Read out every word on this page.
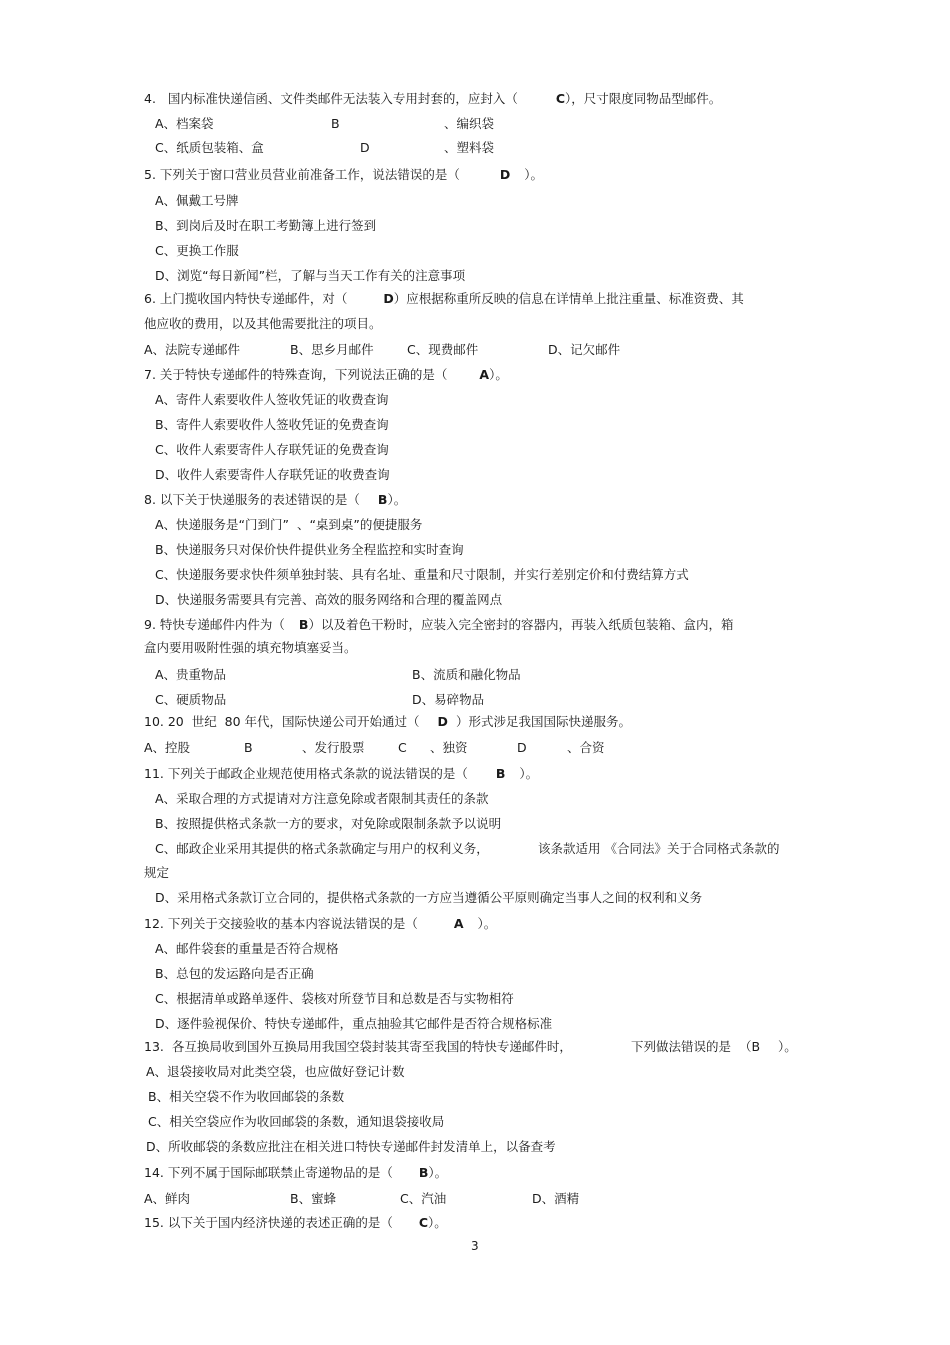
4.   国内标准快递信函、文件类邮件无法装入专用封套的，应封入（	C），尺寸限度同物品型邮件。
A、档案袋	B	、编织袋
C、纸质包装箱、盒	D	、塑料袋
5. 下列关于窗口营业员营业前准备工作，说法错误的是（	D ）。
A、佩戴工号牌
B、到岗后及时在职工考勤簿上进行签到
C、更换工作服
D、浏览“每日新闻”栏，了解与当天工作有关的注意事项
6. 上门揽收国内特快专递邮件，对（	D）应根据称重所反映的信息在详情单上批注重量、标准资费、其
他应收的费用，以及其他需要批注的项目。
A、法院专递邮件	B、思乡月邮件	C、现费邮件	D、记欠邮件
7. 关于特快专递邮件的特殊查询，下列说法正确的是（	A）。
A、寄件人索要收件人签收凭证的收费查询
B、寄件人索要收件人签收凭证的免费查询
C、收件人索要寄件人存联凭证的免费查询
D、收件人索要寄件人存联凭证的收费查询
8. 以下关于快递服务的表述错误的是（ B）。
A、快递服务是“门到门”  、“桌到桌”的便捷服务
B、快递服务只对保价快件提供业务全程监控和实时查询
C、快递服务要求快件须单独封装、具有名址、重量和尺寸限制，并实行差别定价和付费结算方式
D、快递服务需要具有完善、高效的服务网络和合理的覆盖网点
9. 特快专递邮件内件为（ B）以及着色干粉时，应装入完全密封的容器内，再装入纸质包装箱、盒内，箱
盒内要用吸附性强的填充物填塞妥当。
A、贵重物品	B、流质和融化物品
C、硬质物品	D、易碎物品
10. 20  世纪  80 年代，国际快递公司开始通过（ D ）形式涉足我国国际快递服务。
A、控股	B	、发行股票	C 、独资	D	、合资
11. 下列关于邮政企业规范使用格式条款的说法错误的是（ B ）。
A、采取合理的方式提请对方注意免除或者限制其责任的条款
B、按照提供格式条款一方的要求，对免除或限制条款予以说明
C、邮政企业采用其提供的格式条款确定与用户的权利义务，	该条款适用 《合同法》关于合同格式条款的
规定
D、采用格式条款订立合同的，提供格式条款的一方应当遵循公平原则确定当事人之间的权利和义务
12. 下列关于交接验收的基本内容说法错误的是（	A ）。
A、邮件袋套的重量是否符合规格
B、总包的发运路向是否正确
C、根据清单或路单逐件、袋核对所登节目和总数是否与实物相符
D、逐件验视保价、特快专递邮件，重点抽验其它邮件是否符合规格标准
13.  各互换局收到国外互换局用我国空袋封装其寄至我国的特快专递邮件时，	下列做法错误的是  （B ）。
A、退袋接收局对此类空袋，也应做好登记计数
B、相关空袋不作为收回邮袋的条数
C、相关空袋应作为收回邮袋的条数，通知退袋接收局
D、所收邮袋的条数应批注在相关进口特快专递邮件封发清单上，以备查考
14. 下列不属于国际邮联禁止寄递物品的是（ B）。
A、鲜肉	B、蜜蜂	C、汽油	D、酒精
15. 以下关于国内经济快递的表述正确的是（ C）。
3
